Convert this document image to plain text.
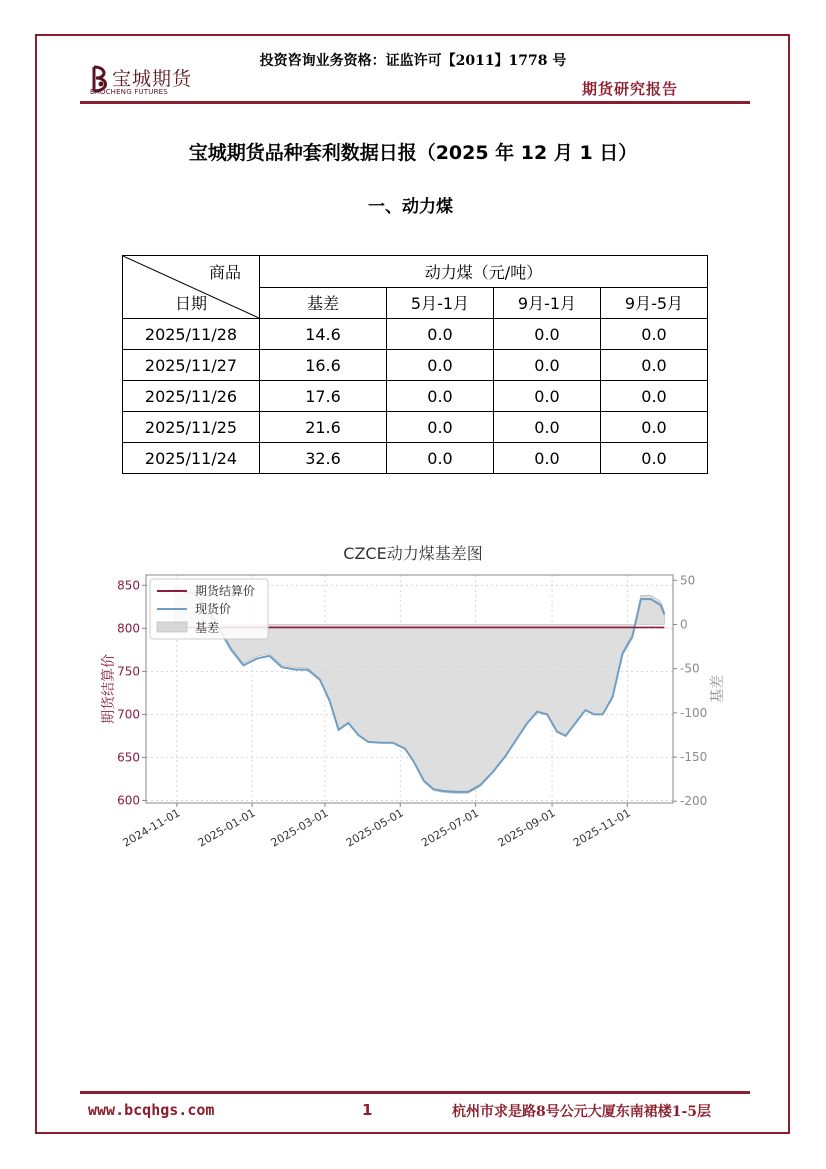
宝城期货
BAOCHENG FUTURES
投资咨询业务资格：证监许可【2011】1778 号
期货研究报告
宝城期货品种套利数据日报（2025 年 12 月 1 日）
一、动力煤
商品
日期	动力煤（元/吨）			
	基差	5月-1月	9月-1月	9月-5月
2025/11/28	14.6	0.0	0.0	0.0
2025/11/27	16.6	0.0	0.0	0.0
2025/11/26	17.6	0.0	0.0	0.0
2025/11/25	21.6	0.0	0.0	0.0
2025/11/24	32.6	0.0	0.0	0.0
CZCE动力煤基差图
600
650
700
750
800
850	50
0
-50
-100
-150
-200
2024-11-01 2025-01-01 2025-03-01 2025-05-01 2025-07-01 2025-09-01 2025-11-01
期货结算价	基差
期货结算价
现货价
基差
www.bcqhgs.com	1	杭州市求是路8号公元大厦东南裙楼1-5层
